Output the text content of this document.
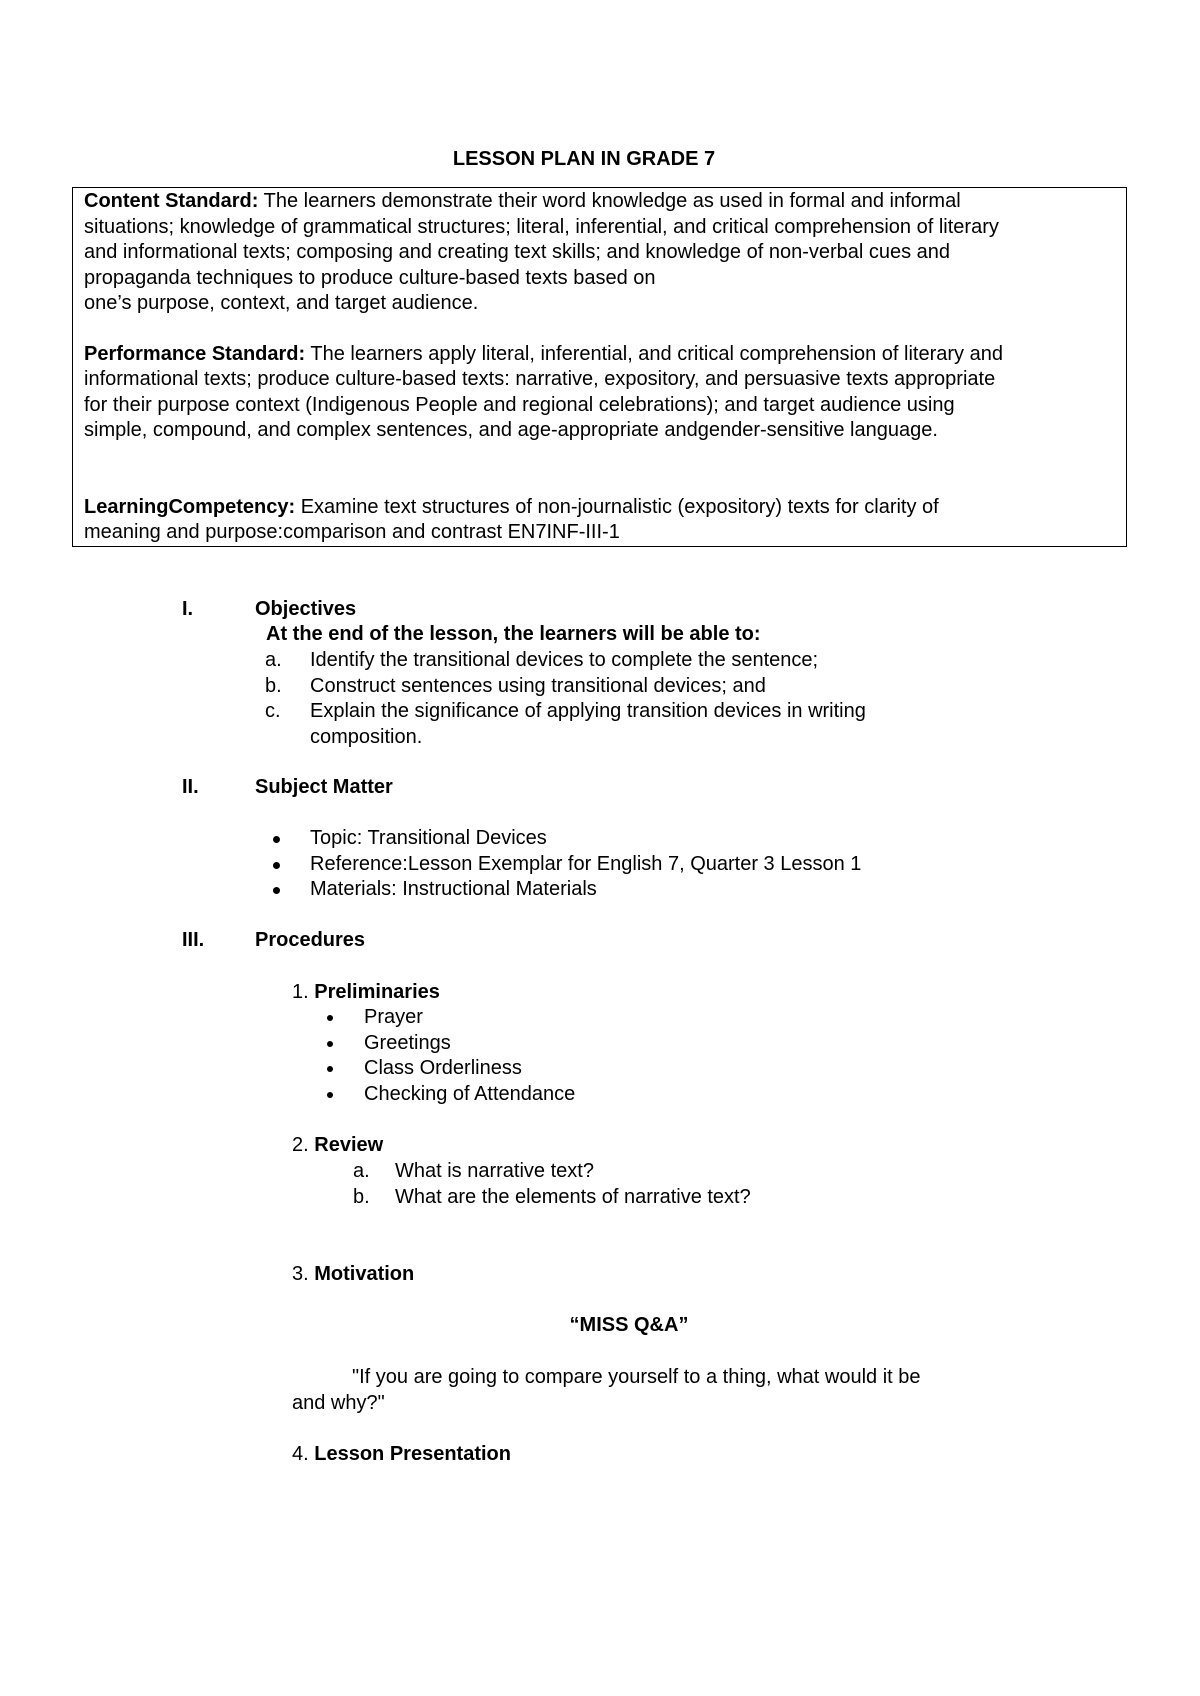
LESSON PLAN IN GRADE 7

Content Standard: The learners demonstrate their word knowledge as used in formal and informal

situations; knowledge of grammatical structures; literal, inferential, and critical comprehension of literary

and informational texts; composing and creating text skills; and knowledge of non-verbal cues and

propaganda techniques to produce culture-based texts based on

one’s purpose, context, and target audience.

Performance Standard: The learners apply literal, inferential, and critical comprehension of literary and

informational texts; produce culture-based texts: narrative, expository, and persuasive texts appropriate

for their purpose context (Indigenous People and regional celebrations); and target audience using

simple, compound, and complex sentences, and age-appropriate andgender-sensitive language.

LearningCompetency: Examine text structures of non-journalistic (expository) texts for clarity of

meaning and purpose:comparison and contrast EN7INF-III-1

I.	Objectives
At the end of the lesson, the learners will be able to:
a. Identify the transitional devices to complete the sentence;
b. Construct sentences using transitional devices; and
c. Explain the significance of applying transition devices in writing
composition.
II.	Subject Matter
Topic: Transitional Devices
Reference:Lesson Exemplar for English 7, Quarter 3 Lesson 1
Materials: Instructional Materials
III.	Procedures
1. Preliminaries
Prayer
Greetings
Class Orderliness
Checking of Attendance
2. Review
a. What is narrative text?
b. What are the elements of narrative text?
3. Motivation
“MISS Q&A”
"If you are going to compare yourself to a thing, what would it be
and why?"
4. Lesson Presentation
